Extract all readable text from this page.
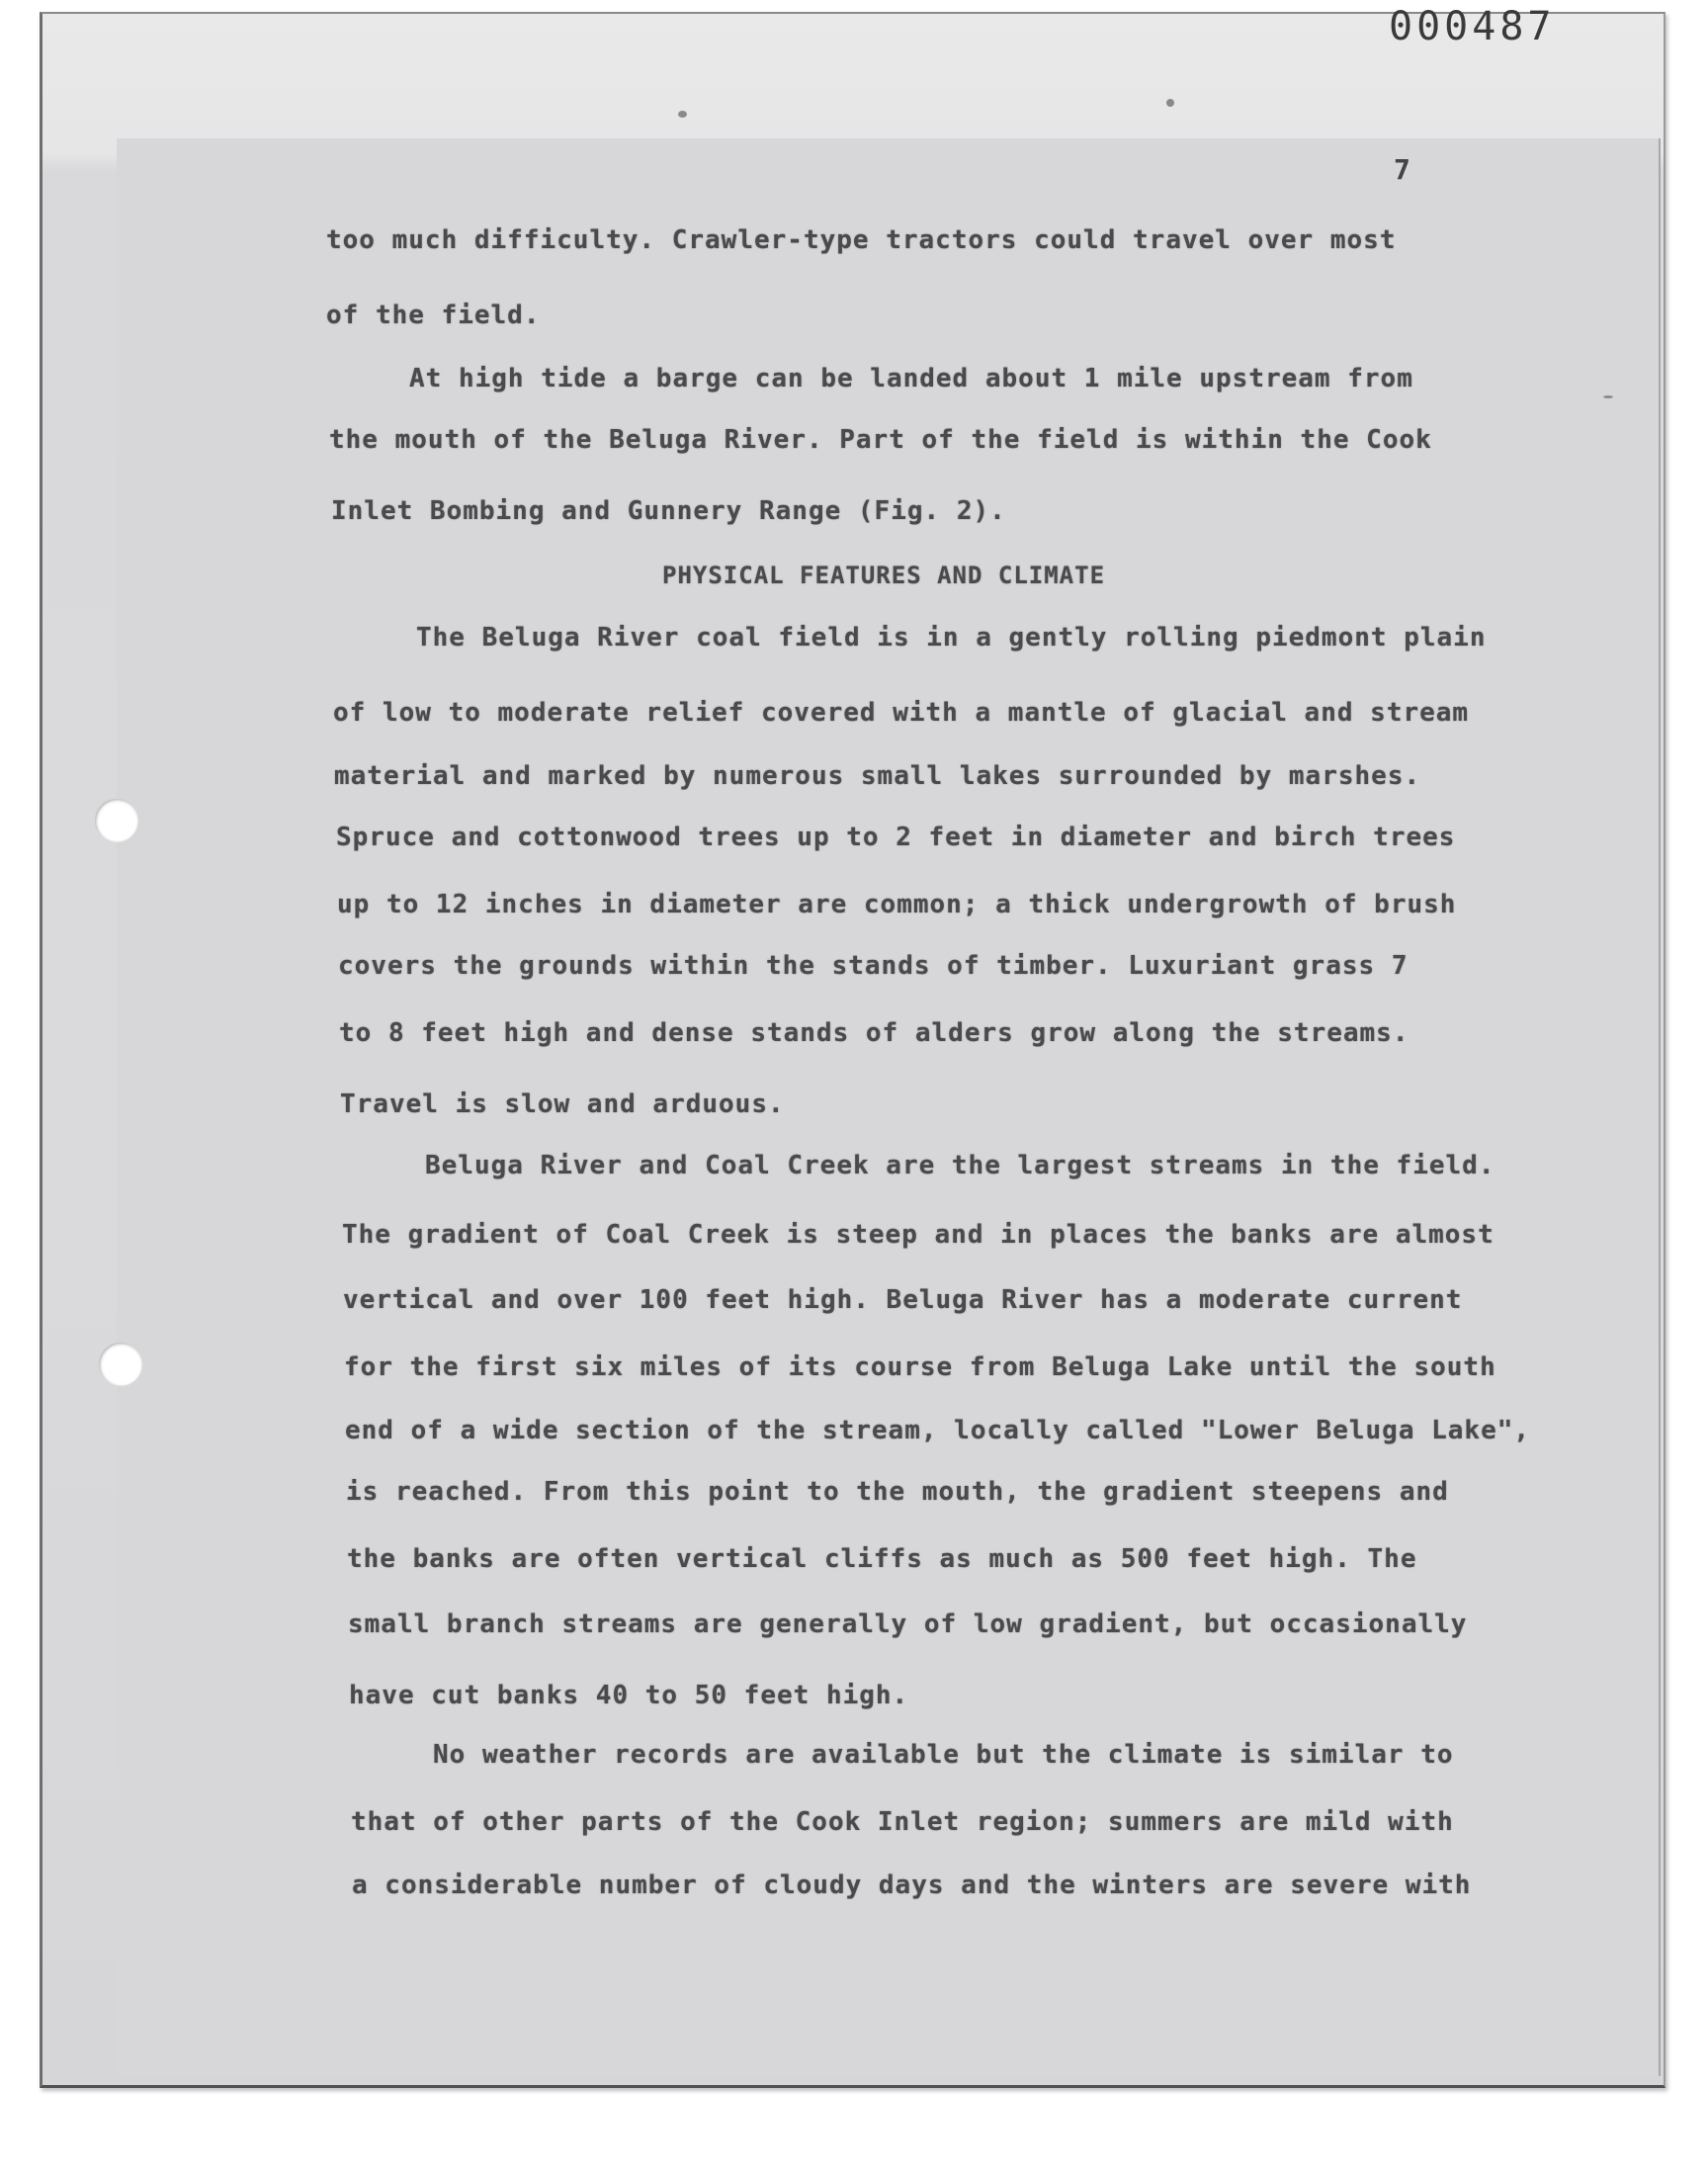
000487
7
too much difficulty. Crawler-type tractors could travel over most
of the field.
At high tide a barge can be landed about 1 mile upstream from
the mouth of the Beluga River. Part of the field is within the Cook
Inlet Bombing and Gunnery Range (Fig. 2).
PHYSICAL FEATURES AND CLIMATE
The Beluga River coal field is in a gently rolling piedmont plain
of low to moderate relief covered with a mantle of glacial and stream
material and marked by numerous small lakes surrounded by marshes.
Spruce and cottonwood trees up to 2 feet in diameter and birch trees
up to 12 inches in diameter are common; a thick undergrowth of brush
covers the grounds within the stands of timber. Luxuriant grass 7
to 8 feet high and dense stands of alders grow along the streams.
Travel is slow and arduous.
Beluga River and Coal Creek are the largest streams in the field.
The gradient of Coal Creek is steep and in places the banks are almost
vertical and over 100 feet high. Beluga River has a moderate current
for the first six miles of its course from Beluga Lake until the south
end of a wide section of the stream, locally called "Lower Beluga Lake",
is reached. From this point to the mouth, the gradient steepens and
the banks are often vertical cliffs as much as 500 feet high. The
small branch streams are generally of low gradient, but occasionally
have cut banks 40 to 50 feet high.
No weather records are available but the climate is similar to
that of other parts of the Cook Inlet region; summers are mild with
a considerable number of cloudy days and the winters are severe with
